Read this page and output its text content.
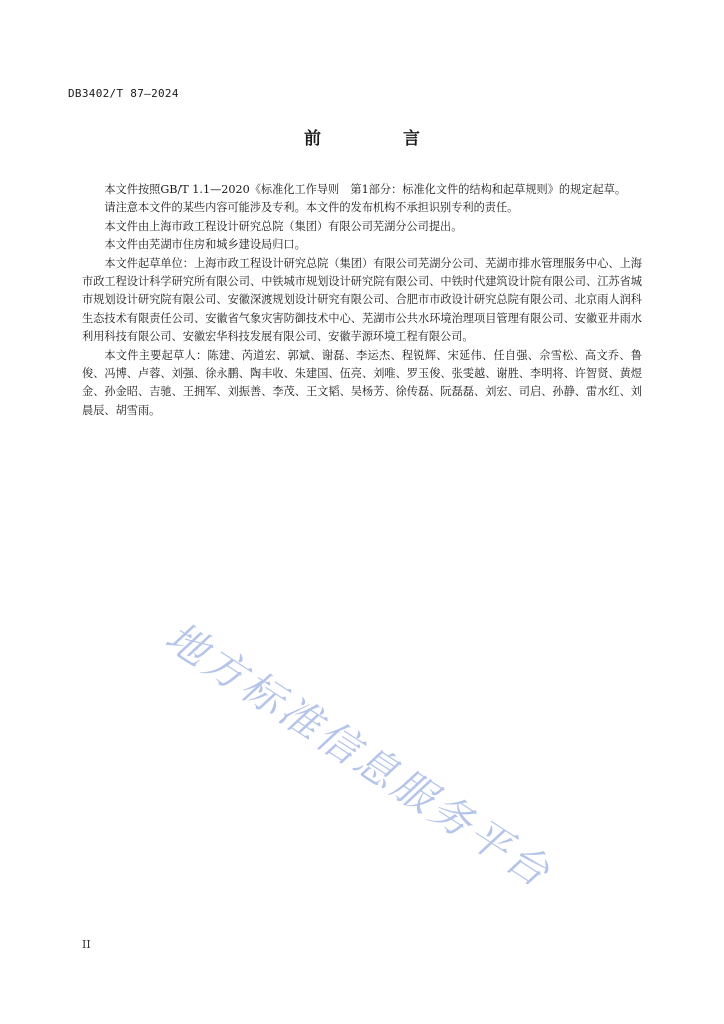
DB3402/T 87—2024
前 言

本文件按照GB/T 1.1—2020《标准化工作导则　第1部分：标准化文件的结构和起草规则》的规定起草。

请注意本文件的某些内容可能涉及专利。本文件的发布机构不承担识别专利的责任。

本文件由上海市政工程设计研究总院（集团）有限公司芜湖分公司提出。

本文件由芜湖市住房和城乡建设局归口。

本文件起草单位：上海市政工程设计研究总院（集团）有限公司芜湖分公司、芜湖市排水管理服务中心、上海市政工程设计科学研究所有限公司、中铁城市规划设计研究院有限公司、中铁时代建筑设计院有限公司、江苏省城市规划设计研究院有限公司、安徽深渡规划设计研究有限公司、合肥市市政设计研究总院有限公司、北京雨人润科生态技术有限责任公司、安徽省气象灾害防御技术中心、芜湖市公共水环境治理项目管理有限公司、安徽亚井雨水利用科技有限公司、安徽宏华科技发展有限公司、安徽芋源环境工程有限公司。

本文件主要起草人：陈建、芮道宏、郭斌、谢磊、李运杰、程锐辉、宋延伟、任自强、佘雪松、高文乔、鲁俊、冯博、卢蓉、刘强、徐永鹏、陶丰收、朱建国、伍亮、刘唯、罗玉俊、张雯越、谢胜、李明将、许智贤、黄煜金、孙金昭、吉驰、王拥军、刘振善、李茂、王文韬、吴杨芳、徐传磊、阮磊磊、刘宏、司启、孙静、雷水红、刘晨辰、胡雪雨。

地方标准信息服务平台
II
